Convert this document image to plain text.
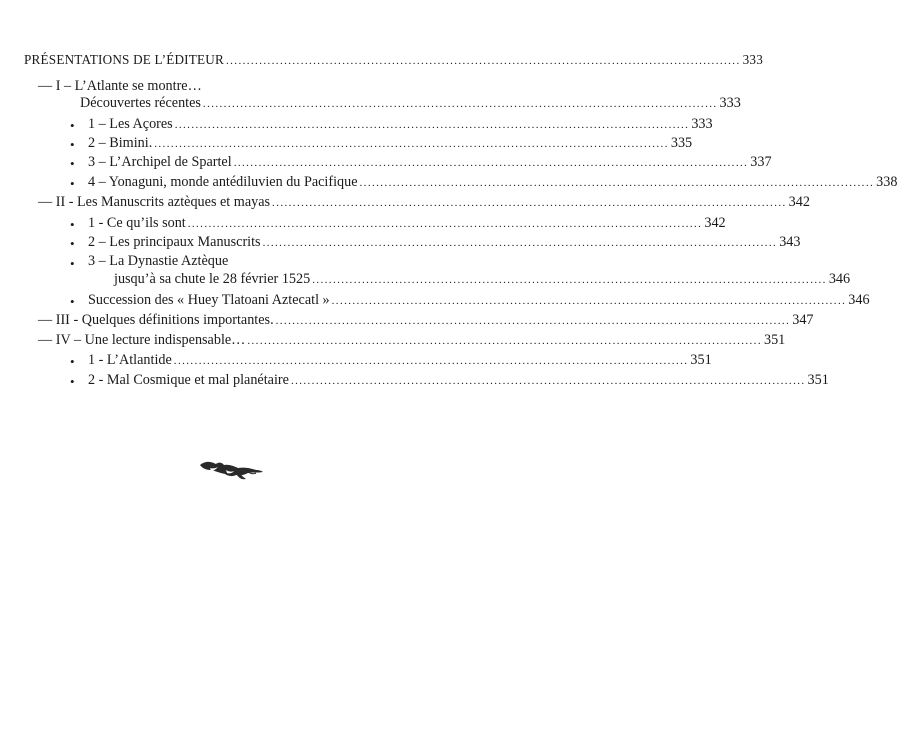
PRÉSENTATIONS DE L’ÉDITEUR ............................................................................................................................ 333
— I – L’Atlante se montre…
Découvertes récentes ............................................................................................................................ 333
• 1 – Les Açores ............................................................................................................................ 333
• 2 – Bimini. ............................................................................................................................ 335
• 3 – L’Archipel de Spartel ............................................................................................................................ 337
• 4 – Yonaguni, monde antédiluvien du Pacifique ............................................................................................................................ 338
— II - Les Manuscrits aztèques et mayas ............................................................................................................................ 342
• 1 - Ce qu’ils sont ............................................................................................................................ 342
• 2 – Les principaux Manuscrits ............................................................................................................................ 343
• 3 – La Dynastie Aztèque
jusqu’à sa chute le 28 février 1525 ............................................................................................................................ 346
• Succession des « Huey Tlatoani Aztecatl » ............................................................................................................................ 346
— III - Quelques définitions importantes. ............................................................................................................................ 347
— IV – Une lecture indispensable… ............................................................................................................................ 351
• 1 - L’Atlantide ............................................................................................................................ 351
• 2 - Mal Cosmique et mal planétaire ............................................................................................................................ 351
